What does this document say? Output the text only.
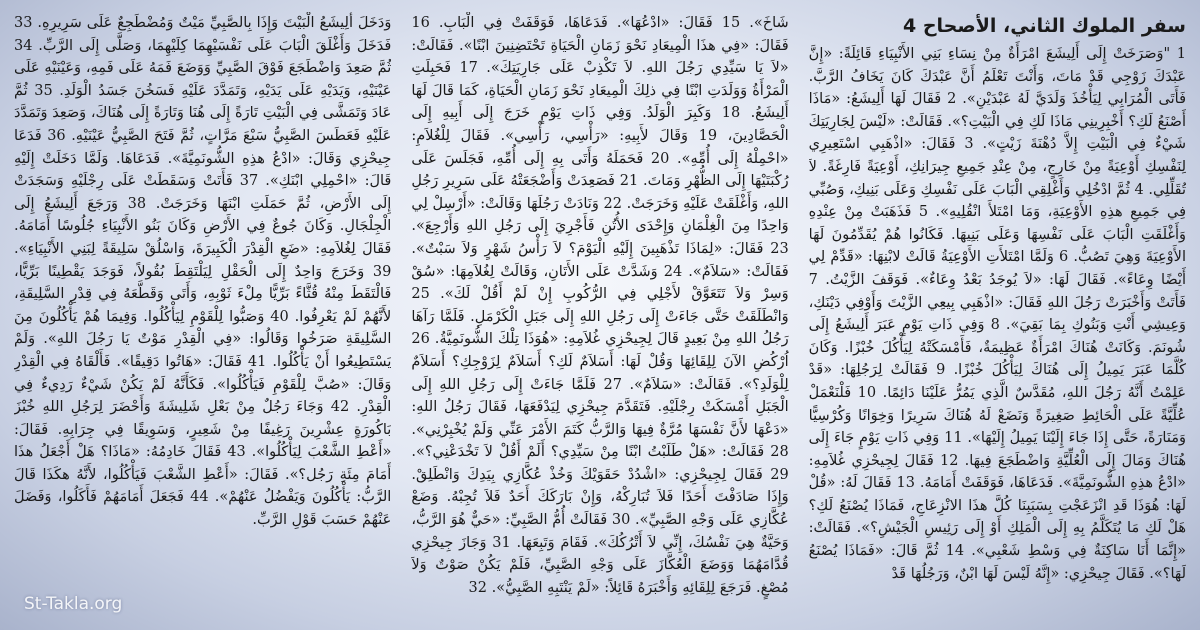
سفر الملوك الثاني، الأصحاح 4

1 "وَصَرَخَتْ إِلَى أَلِيشَعَ امْرَأَةٌ مِنْ نِسَاءِ بَنِي الأَنْبِيَاءِ قَائِلَةً: «إِنَّ عَبْدَكَ زَوْجِي قَدْ مَاتَ، وَأَنْتَ تَعْلَمُ أَنَّ عَبْدَكَ كَانَ يَخَافُ الرَّبَّ. فَأَتَى الْمُرَابِي لِيَأْخُذَ وَلَدَيَّ لَهُ عَبْدَيْنِ». 2 فَقَالَ لَهَا أَلِيشَعُ: «مَاذَا أَصْنَعُ لَكِ؟ أَخْبِرِينِي مَاذَا لَكِ فِي الْبَيْتِ؟». فَقَالَتْ: «لَيْسَ لِجَارِيَتِكَ شَيْءٌ فِي الْبَيْتِ إِلاَّ دُهْنَةَ زَيْتٍ». 3 فَقَالَ: «اذْهَبِي اسْتَعِيرِي لِنَفْسِكِ أَوْعِيَةً مِنْ خَارِجٍ، مِنْ عِنْدِ جَمِيعِ جِيرَانِكِ، أَوْعِيَةً فَارِغَةً. لاَ تُقَلِّلِي. 4 ثُمَّ ادْخُلِي وَأَغْلِقِي الْبَابَ عَلَى نَفْسِكِ وَعَلَى بَنِيكِ، وَصُبِّي فِي جَمِيعِ هذِهِ الأَوْعِيَةِ، وَمَا امْتَلأَ انْقُلِيهِ». 5 فَذَهَبَتْ مِنْ عِنْدِهِ وَأَغْلَقَتِ الْبَابَ عَلَى نَفْسِهَا وَعَلَى بَنِيهَا. فَكَانُوا هُمْ يُقَدِّمُونَ لَهَا الأَوْعِيَةَ وَهِيَ تَصُبُّ. 6 وَلَمَّا امْتَلأَتِ الأَوْعِيَةُ قَالَتْ لابْنِهَا: «قَدِّمْ لِي أَيْضًا وِعَاءً». فَقَالَ لَهَا: «لاَ يُوجَدُ بَعْدُ وِعَاءٌ». فَوَقَفَ الزَّيْتُ. 7 فَأَتَتْ وَأَخْبَرَتْ رَجُلَ اللهِ فَقَالَ: «اذْهَبِي بِيعِي الزَّيْتَ وَأَوْفِي دَيْنَكِ، وَعِيشِي أَنْتِ وَبَنُوكِ بِمَا بَقِيَ». 8 وَفِي ذَاتِ يَوْمٍ عَبَرَ أَلِيشَعُ إِلَى شُونَمَ. وَكَانَتْ هُنَاكَ امْرَأَةٌ عَظِيمَةٌ، فَأَمْسَكَتْهُ لِيَأْكُلَ خُبْزًا. وَكَانَ كُلَّمَا عَبَرَ يَمِيلُ إِلَى هُنَاكَ لِيَأْكُلَ خُبْزًا. 9 فَقَالَتْ لِرَجُلِهَا: «قَدْ عَلِمْتُ أَنَّهُ رَجُلَ اللهِ، مُقَدَّسٌ الَّذِي يَمُرُّ عَلَيْنَا دَائِمًا. 10 فَلْنَعْمَلْ عُلِّيَّةً عَلَى الْحَائِطِ صَغِيرَةً وَنَضَعْ لَهُ هُنَاكَ سَرِيرًا وَخِوَانًا وَكُرْسِيًّا وَمَنَارَةً، حَتَّى إِذَا جَاءَ إِلَيْنَا يَمِيلُ إِلَيْهَا». 11 وَفِي ذَاتِ يَوْمٍ جَاءَ إِلَى هُنَاكَ وَمَالَ إِلَى الْعُلِّيَّةِ وَاضْطَجَعَ فِيهَا. 12 فَقَالَ لِجِيحْزِي غُلاَمِهِ: «ادْعُ هذِهِ الشُّونَمِيَّةَ». فَدَعَاهَا، فَوَقَفَتْ أَمَامَهُ. 13 فَقَالَ لَهُ: «قُلْ لَهَا: هُوَذَا قَدِ انْزَعَجْتِ بِسَبَبِنَا كُلَّ هذَا الانْزِعَاجِ، فَمَاذَا يُصْنَعُ لَكِ؟ هَلْ لَكِ مَا يُتَكَلَّمُ بِهِ إِلَى الْمَلِكِ أَوْ إِلَى رَئِيسِ الْجَيْشِ؟». فَقَالَتْ: «إِنَّمَا أَنَا سَاكِنَةٌ فِي وَسْطِ شَعْبِي». 14 ثُمَّ قَالَ: «فَمَاذَا يُصْنَعُ لَهَا؟». فَقَالَ جِيحْزِي: «إِنَّهُ لَيْسَ لَهَا ابْنٌ، وَرَجُلُهَا قَدْ

شَاخَ». 15 فَقَالَ: «ادْعُهَا». فَدَعَاهَا، فَوَقَفَتْ فِي الْبَابِ. 16 فَقَالَ: «فِي هذَا الْمِيعَادِ نَحْوَ زَمَانِ الْحَيَاةِ تَحْتَضِنِينَ ابْنًا». فَقَالَتْ: «لاَ يَا سَيِّدِي رَجُلَ اللهِ. لاَ تَكْذِبْ عَلَى جَارِيَتِكَ». 17 فَحَبِلَتِ الْمَرْأَةُ وَوَلَدَتِ ابْنًا فِي ذلِكَ الْمِيعَادِ نَحْوَ زَمَانِ الْحَيَاةِ، كَمَا قَالَ لَهَا أَلِيشَعُ. 18 وَكَبِرَ الْوَلَدُ. وَفِي ذَاتِ يَوْمٍ خَرَجَ إِلَى أَبِيهِ إِلَى الْحَصَّادِينَ، 19 وَقَالَ لأَبِيهِ: «رَأْسِي، رَأْسِي». فَقَالَ لِلْغُلاَمِ: «احْمِلْهُ إِلَى أُمِّهِ». 20 فَحَمَلَهُ وَأَتَى بِهِ إِلَى أُمِّهِ، فَجَلَسَ عَلَى رُكْبَتَيْهَا إِلَى الظُّهْرِ وَمَاتَ. 21 فَصَعِدَتْ وَأَضْجَعَتْهُ عَلَى سَرِيرِ رَجُلِ اللهِ، وَأَغْلَقَتْ عَلَيْهِ وَخَرَجَتْ. 22 وَنَادَتْ رَجُلَهَا وَقَالَتْ: «أَرْسِلْ لِي وَاحِدًا مِنَ الْغِلْمَانِ وَإِحْدَى الأُتُنِ فَأَجْرِيَ إِلَى رَجُلِ اللهِ وَأَرْجِعَ». 23 فَقَالَ: «لِمَاذَا تَذْهَبِينَ إِلَيْهِ الْيَوْمَ؟ لاَ رَأْسُ شَهْرٍ وَلاَ سَبْتٌ». فَقَالَتْ: «سَلاَمٌ». 24 وَشَدَّتْ عَلَى الأَتَانِ، وَقَالَتْ لِغُلاَمِهَا: «سُقْ وَسِرْ وَلاَ تَتَعَوَّقْ لأَجْلِي فِي الرُّكُوبِ إِنْ لَمْ أَقُلْ لَكَ». 25 وَانْطَلَقَتْ حَتَّى جَاءَتْ إِلَى رَجُلِ اللهِ إِلَى جَبَلِ الْكَرْمَلِ. فَلَمَّا رَآهَا رَجُلُ اللهِ مِنْ بَعِيدٍ قَالَ لِجِيحْزِي غُلاَمِهِ: «هُوَذَا تِلْكَ الشُّونَمِيَّةُ. 26 اُرْكُضِ الآنَ لِلِقَائِهَا وَقُلْ لَهَا: أَسَلاَمٌ لَكِ؟ أَسَلاَمٌ لِزَوْجِكِ؟ أَسَلاَمٌ لِلْوَلَدِ؟». فَقَالَتْ: «سَلاَمٌ». 27 فَلَمَّا جَاءَتْ إِلَى رَجُلِ اللهِ إِلَى الْجَبَلِ أَمْسَكَتْ رِجْلَيْهِ. فَتَقَدَّمَ جِيحْزِي لِيَدْفَعَهَا، فَقَالَ رَجُلُ اللهِ: «دَعْهَا لأَنَّ نَفْسَهَا مُرَّةٌ فِيهَا وَالرَّبُّ كَتَمَ الأَمْرَ عَنِّي وَلَمْ يُخْبِرْنِي». 28 فَقَالَتْ: «هَلْ طَلَبْتُ ابْنًا مِنْ سَيِّدِي؟ أَلَمْ أَقُلْ لاَ تَخْدَعْنِي؟». 29 فَقَالَ لِجِيحْزِي: «اشْدُدْ حَقَوَيْكَ وَخُذْ عُكَّازِي بِيَدِكَ وَانْطَلِقْ. وَإِذَا صَادَفْتَ أَحَدًا فَلاَ تُبَارِكْهُ، وَإِنْ بَارَكَكَ أَحَدٌ فَلاَ تُجِبْهُ. وَضَعْ عُكَّازِي عَلَى وَجْهِ الصَّبِيِّ». 30 فَقَالَتْ أُمُّ الصَّبِيِّ: «حَيٌّ هُوَ الرَّبُّ، وَحَيَّةٌ هِيَ نَفْسُكَ، إِنِّي لاَ أَتْرُكُكَ». فَقَامَ وَتَبِعَهَا. 31 وَجَازَ جِيحْزِي قُدَّامَهُمَا وَوَضَعَ الْعُكَّازَ عَلَى وَجْهِ الصَّبِيِّ، فَلَمْ يَكُنْ صَوْتٌ وَلاَ مُصْغٍ. فَرَجَعَ لِلِقَائِهِ وَأَخْبَرَهُ قَائِلاً: «لَمْ يَنْتَبِهِ الصَّبِيُّ». 32

وَدَخَلَ أَلِيشَعُ الْبَيْتَ وَإِذَا بِالصَّبِيِّ مَيْتٌ وَمُضْطَجِعٌ عَلَى سَرِيرِهِ. 33 فَدَخَلَ وَأَغْلَقَ الْبَابَ عَلَى نَفْسَيْهِمَا كِلَيْهِمَا، وَصَلَّى إِلَى الرَّبِّ. 34 ثُمَّ صَعِدَ وَاضْطَجَعَ فَوْقَ الصَّبِيِّ وَوَضَعَ فَمَهُ عَلَى فَمِهِ، وَعَيْنَيْهِ عَلَى عَيْنَيْهِ، وَيَدَيْهِ عَلَى يَدَيْهِ، وَتَمَدَّدَ عَلَيْهِ فَسَخُنَ جَسَدُ الْوَلَدِ. 35 ثُمَّ عَادَ وَتَمَشَّى فِي الْبَيْتِ تَارَةً إِلَى هُنَا وَتَارَةً إِلَى هُنَاكَ، وَصَعِدَ وَتَمَدَّدَ عَلَيْهِ فَعَطَسَ الصَّبِيُّ سَبْعَ مَرَّاتٍ، ثُمَّ فَتَحَ الصَّبِيُّ عَيْنَيْهِ. 36 فَدَعَا جِيحْزِي وَقَالَ: «ادْعُ هذِهِ الشُّونَمِيَّةَ». فَدَعَاهَا. وَلَمَّا دَخَلَتْ إِلَيْهِ قَالَ: «احْمِلِي ابْنَكِ». 37 فَأَتَتْ وَسَقَطَتْ عَلَى رِجْلَيْهِ وَسَجَدَتْ إِلَى الأَرْضِ، ثُمَّ حَمَلَتِ ابْنَهَا وَخَرَجَتْ. 38 وَرَجَعَ أَلِيشَعُ إِلَى الْجِلْجَالِ. وَكَانَ جُوعٌ فِي الأَرْضِ وَكَانَ بَنُو الأَنْبِيَاءِ جُلُوسًا أَمَامَهُ. فَقَالَ لِغُلاَمِهِ: «ضَعِ الْقِدْرَ الْكَبِيرَةَ، وَاسْلُقْ سَلِيقَةً لِبَنِي الأَنْبِيَاءِ». 39 وَخَرَجَ وَاحِدٌ إِلَى الْحَقْلِ لِيَلْتَقِطَ بُقُولاً، فَوَجَدَ يَقْطِينًا بَرِّيًّا، فَالْتَقَطَ مِنْهُ قُثَّاءً بَرِّيًّا مِلْءَ ثَوْبِهِ، وَأَتَى وَقَطَّعَهُ فِي قِدْرِ السَّلِيقَةِ، لأَنَّهُمْ لَمْ يَعْرِفُوا. 40 وَصَبُّوا لِلْقَوْمِ لِيَأْكُلُوا. وَفِيمَا هُمْ يَأْكُلُونَ مِنَ السَّلِيقَةِ صَرَخُوا وَقَالُوا: «فِي الْقِدْرِ مَوْتٌ يَا رَجُلَ اللهِ». وَلَمْ يَسْتَطِيعُوا أَنْ يَأْكُلُوا. 41 فَقَالَ: «هَاتُوا دَقِيقًا». فَأَلْقَاهُ فِي الْقِدْرِ وَقَالَ: «صُبَّ لِلْقَوْمِ فَيَأْكُلُوا». فَكَأَنَّهُ لَمْ يَكُنْ شَيْءٌ رَدِيءٌ فِي الْقِدْرِ. 42 وَجَاءَ رَجُلٌ مِنْ بَعْلِ شَلِيشَةَ وَأَحْضَرَ لِرَجُلِ اللهِ خُبْزَ بَاكُورَةٍ عِشْرِينَ رَغِيفًا مِنْ شَعِيرٍ، وَسَوِيقًا فِي جِرَابِهِ. فَقَالَ: «أَعْطِ الشَّعْبَ لِيَأْكُلُوا». 43 فَقَالَ خَادِمُهُ: «مَاذَا؟ هَلْ أَجْعَلُ هذَا أَمَامَ مِئَةِ رَجُل؟». فَقَالَ: «أَعْطِ الشَّعْبَ فَيَأْكُلُوا، لأَنَّهُ هكَذَا قَالَ الرَّبُّ: يَأْكُلُونَ وَيَفْضُلُ عَنْهُمْ». 44 فَجَعَلَ أَمَامَهُمْ فَأَكَلُوا، وَفَضَلَ عَنْهُمْ حَسَبَ قَوْلِ الرَّبِّ.

St-Takla.org
